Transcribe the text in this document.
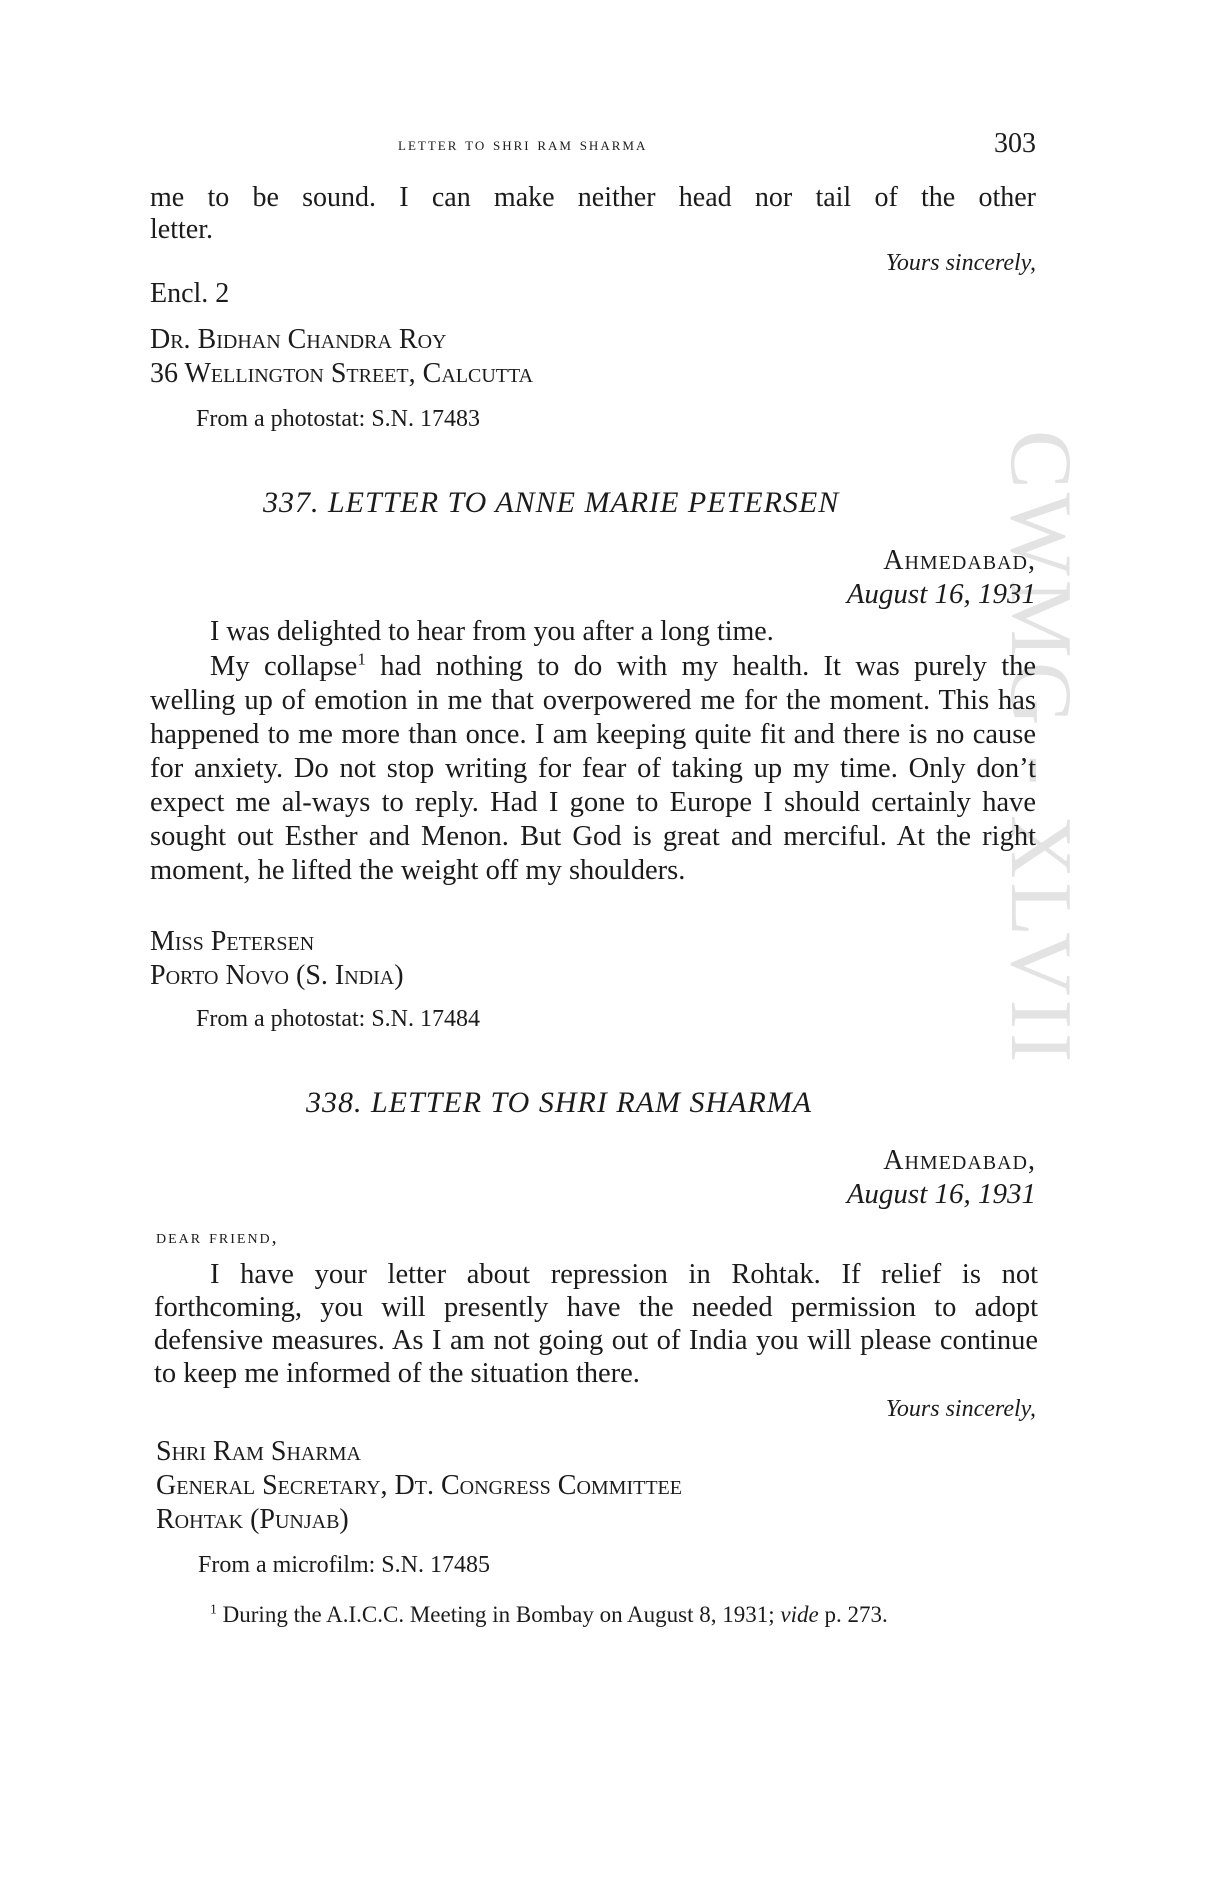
CWMG - XLVII
letter to shri ram sharma	303
me to be sound. I can make neither head nor tail of the other
letter.
Yours sincerely,
Encl. 2
Dr. Bidhan Chandra Roy
36 Wellington Street, Calcutta
From a photostat: S.N. 17483
337. LETTER TO ANNE MARIE PETERSEN
Ahmedabad,
August 16, 1931
I was delighted to hear from you after a long time.

My collapse$^1$ had nothing to do with my health. It was purely the welling up of emotion in me that overpowered me for the moment. This has happened to me more than once. I am keeping quite fit and there is no cause for anxiety. Do not stop writing for fear of taking up my time. Only don’t expect me al-ways to reply. Had I gone to Europe I should certainly have sought out Esther and Menon. But God is great and merciful. At the right moment, he lifted the weight off my shoulders.

Miss Petersen
Porto Novo (S. India)
From a photostat: S.N. 17484
338. LETTER TO SHRI RAM SHARMA
Ahmedabad,
August 16, 1931
dear friend,

I have your letter about repression in Rohtak. If relief is not forthcoming, you will presently have the needed permission to adopt defensive measures. As I am not going out of India you will please continue to keep me informed of the situation there.

Yours sincerely,
Shri Ram Sharma
General Secretary, Dt. Congress Committee
Rohtak (Punjab)
From a microfilm: S.N. 17485
$^1$ During the A.I.C.C. Meeting in Bombay on August 8, 1931; vide p. 273.
